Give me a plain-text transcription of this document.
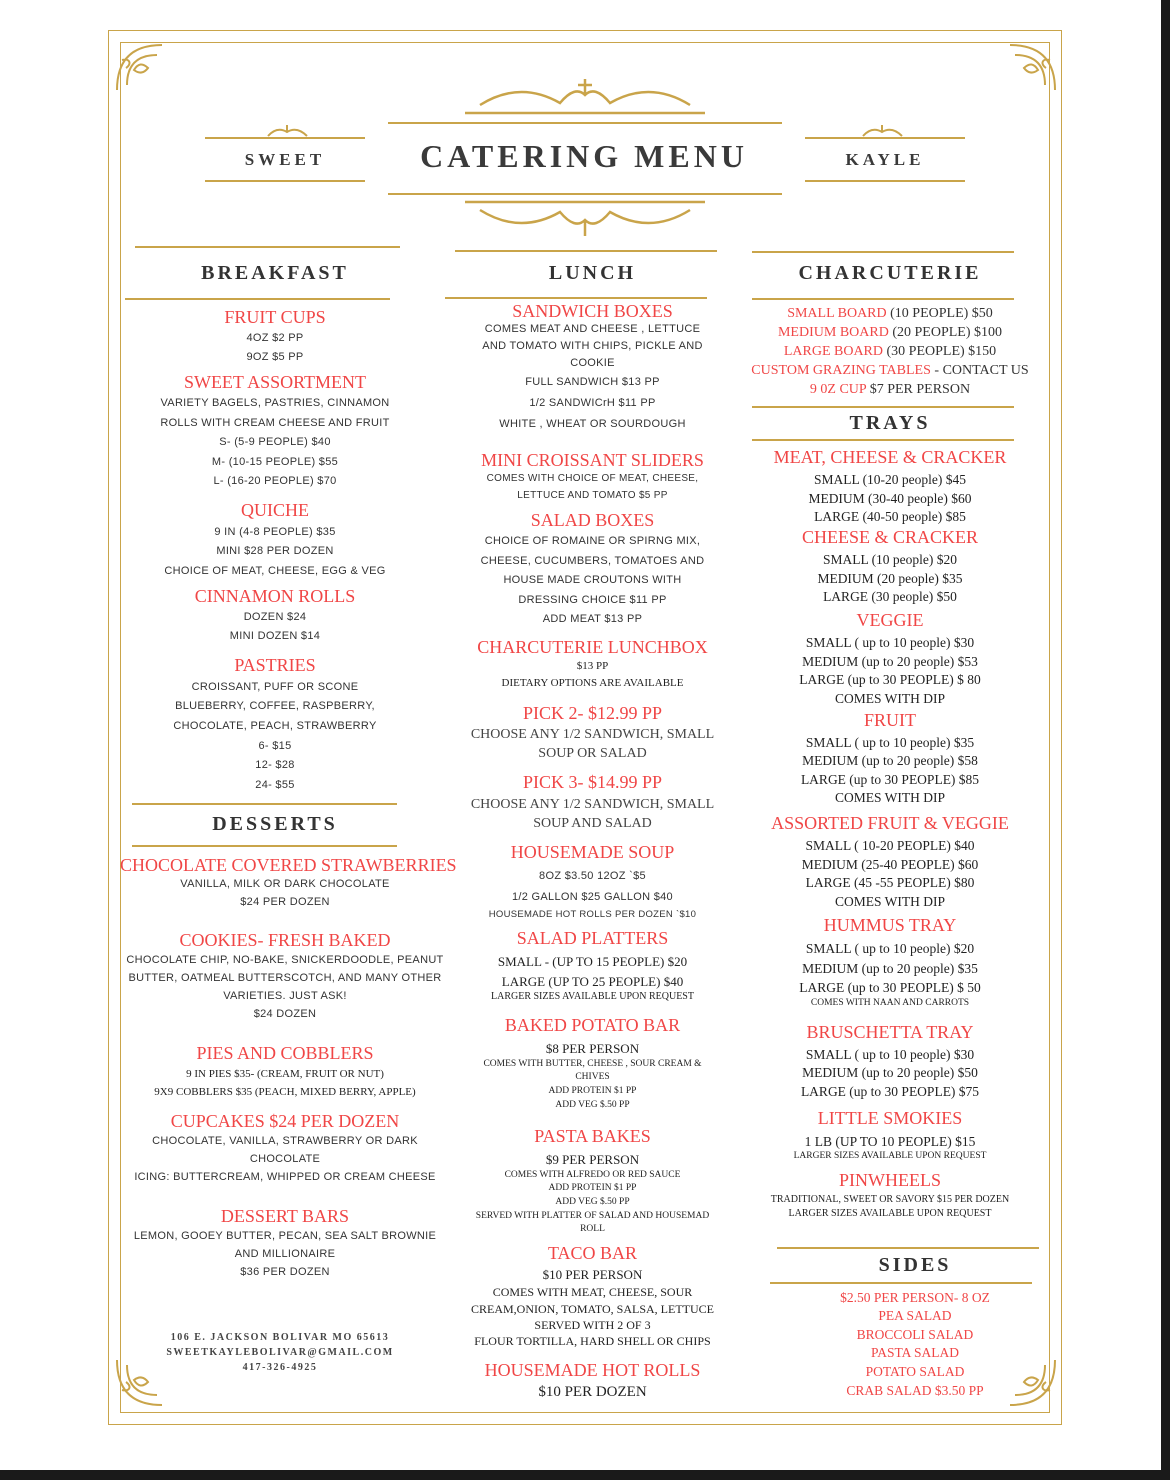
SWEET	CATERING MENU	KAYLE
BREAKFAST
FRUIT CUPS
4OZ $2 PP
9OZ $5 PP
SWEET ASSORTMENT
VARIETY BAGELS, PASTRIES, CINNAMON
ROLLS WITH CREAM CHEESE AND FRUIT
S- (5-9 PEOPLE) $40
M- (10-15 PEOPLE) $55
L- (16-20 PEOPLE) $70
QUICHE
9 IN (4-8 PEOPLE) $35
MINI $28 PER DOZEN
CHOICE OF MEAT, CHEESE, EGG & VEG
CINNAMON ROLLS
DOZEN $24
MINI DOZEN $14
PASTRIES
CROISSANT, PUFF OR SCONE
BLUEBERRY, COFFEE, RASPBERRY,
CHOCOLATE, PEACH, STRAWBERRY
6- $15
12- $28
24- $55
DESSERTS
CHOCOLATE COVERED STRAWBERRIES
VANILLA, MILK OR DARK CHOCOLATE
$24 PER DOZEN
COOKIES- FRESH BAKED
CHOCOLATE CHIP, NO-BAKE, SNICKERDOODLE, PEANUT
BUTTER, OATMEAL BUTTERSCOTCH, AND MANY OTHER
VARIETIES. JUST ASK!
$24 DOZEN
PIES AND COBBLERS
9 IN PIES $35- (CREAM, FRUIT OR NUT)
9X9 COBBLERS $35 (PEACH, MIXED BERRY, APPLE)
CUPCAKES $24 PER DOZEN
CHOCOLATE, VANILLA, STRAWBERRY OR DARK
CHOCOLATE
ICING: BUTTERCREAM, WHIPPED OR CREAM CHEESE
DESSERT BARS
LEMON, GOOEY BUTTER, PECAN, SEA SALT BROWNIE
AND MILLIONAIRE
$36 PER DOZEN
106 E. JACKSON BOLIVAR MO 65613
SWEETKAYLEBOLIVAR@GMAIL.COM
417-326-4925
LUNCH
SANDWICH BOXES
COMES MEAT AND CHEESE , LETTUCE
AND TOMATO WITH CHIPS, PICKLE AND
COOKIE
FULL SANDWICH $13 PP
1/2 SANDWICrH $11 PP
WHITE , WHEAT OR SOURDOUGH
MINI CROISSANT SLIDERS
COMES WITH CHOICE OF MEAT, CHEESE,
LETTUCE AND TOMATO $5 PP
SALAD BOXES
CHOICE OF ROMAINE OR SPIRNG MIX,
CHEESE, CUCUMBERS, TOMATOES AND
HOUSE MADE CROUTONS WITH
DRESSING CHOICE $11 PP
ADD MEAT $13 PP
CHARCUTERIE LUNCHBOX
$13 PP
DIETARY OPTIONS ARE AVAILABLE
PICK 2- $12.99 PP
CHOOSE ANY 1/2 SANDWICH, SMALL
SOUP OR SALAD
PICK 3- $14.99 PP
CHOOSE ANY 1/2 SANDWICH, SMALL
SOUP AND SALAD
HOUSEMADE SOUP
8OZ $3.50 12OZ `$5
1/2 GALLON $25 GALLON $40
HOUSEMADE HOT ROLLS PER DOZEN `$10
SALAD PLATTERS
SMALL - (UP TO 15 PEOPLE) $20
LARGE (UP TO 25 PEOPLE) $40
LARGER SIZES AVAILABLE UPON REQUEST
BAKED POTATO BAR
$8 PER PERSON
COMES WITH BUTTER, CHEESE , SOUR CREAM &
CHIVES
ADD PROTEIN $1 PP
ADD VEG $.50 PP
PASTA BAKES
$9 PER PERSON
COMES WITH ALFREDO OR RED SAUCE
ADD PROTEIN $1 PP
ADD VEG $.50 PP
SERVED WITH PLATTER OF SALAD AND HOUSEMAD
ROLL
TACO BAR
$10 PER PERSON
COMES WITH MEAT, CHEESE, SOUR
CREAM,ONION, TOMATO, SALSA, LETTUCE
SERVED WITH 2 OF 3
FLOUR TORTILLA, HARD SHELL OR CHIPS
HOUSEMADE HOT ROLLS
$10 PER DOZEN
CHARCUTERIE
SMALL BOARD (10 PEOPLE) $50
MEDIUM BOARD (20 PEOPLE) $100
LARGE BOARD (30 PEOPLE) $150
CUSTOM GRAZING TABLES - CONTACT US
9 0Z CUP $7 PER PERSON
TRAYS
MEAT, CHEESE & CRACKER
SMALL (10-20 people) $45
MEDIUM (30-40 people) $60
LARGE (40-50 people) $85
CHEESE & CRACKER
SMALL (10 people) $20
MEDIUM (20 people) $35
LARGE (30 people) $50
VEGGIE
SMALL ( up to 10 people) $30
MEDIUM (up to 20 people) $53
LARGE (up to 30 PEOPLE) $ 80
COMES WITH DIP
FRUIT
SMALL ( up to 10 people) $35
MEDIUM (up to 20 people) $58
LARGE (up to 30 PEOPLE) $85
COMES WITH DIP
ASSORTED FRUIT & VEGGIE
SMALL ( 10-20 PEOPLE) $40
MEDIUM (25-40 PEOPLE) $60
LARGE (45 -55 PEOPLE) $80
COMES WITH DIP
HUMMUS TRAY
SMALL ( up to 10 people) $20
MEDIUM (up to 20 people) $35
LARGE (up to 30 PEOPLE) $ 50
COMES WITH NAAN AND CARROTS
BRUSCHETTA TRAY
SMALL ( up to 10 people) $30
MEDIUM (up to 20 people) $50
LARGE (up to 30 PEOPLE) $75
LITTLE SMOKIES
1 LB (UP TO 10 PEOPLE) $15
LARGER SIZES AVAILABLE UPON REQUEST
PINWHEELS
TRADITIONAL, SWEET OR SAVORY $15 PER DOZEN
LARGER SIZES AVAILABLE UPON REQUEST
SIDES
$2.50 PER PERSON- 8 OZ
PEA SALAD
BROCCOLI SALAD
PASTA SALAD
POTATO SALAD
CRAB SALAD $3.50 PP
